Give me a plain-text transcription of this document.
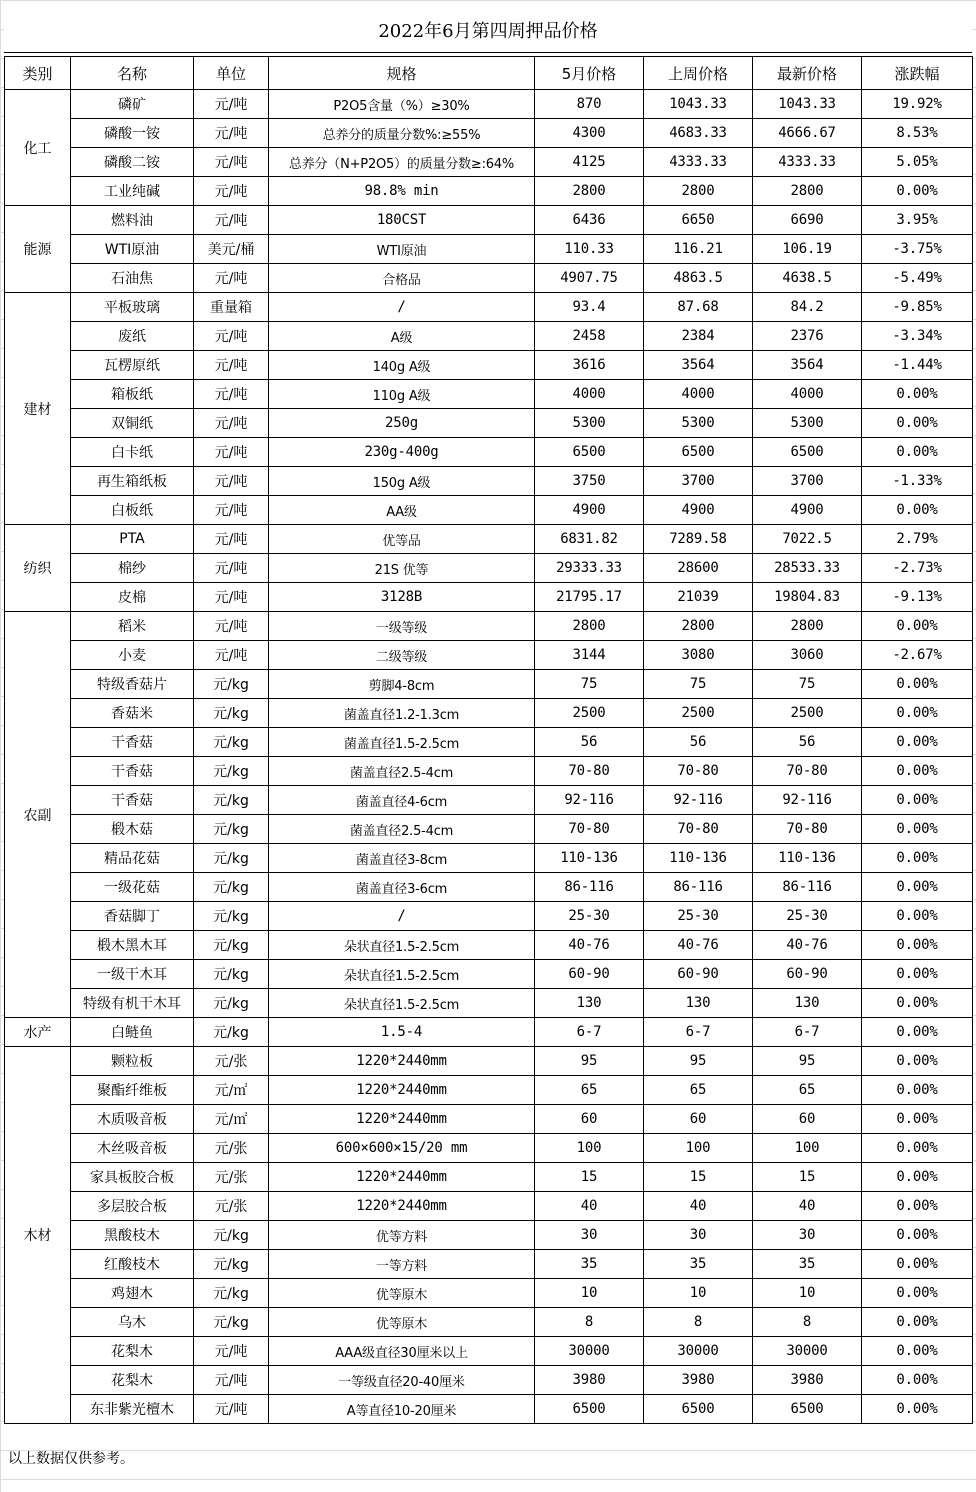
2022年6月第四周押品价格
类别	名称	单位	规格	5月价格	上周价格	最新价格	涨跌幅
化工	磷矿	元/吨	P2O5含量（%）≥30%	870	1043.33	1043.33	19.92%
	磷酸一铵	元/吨	总养分的质量分数%:≥55%	4300	4683.33	4666.67	8.53%
	磷酸二铵	元/吨	总养分（N+P2O5）的质量分数≥:64%	4125	4333.33	4333.33	5.05%
	工业纯碱	元/吨	98.8% min	2800	2800	2800	0.00%
能源	燃料油	元/吨	180CST	6436	6650	6690	3.95%
	WTI原油	美元/桶	WTI原油	110.33	116.21	106.19	-3.75%
	石油焦	元/吨	合格品	4907.75	4863.5	4638.5	-5.49%
建材	平板玻璃	重量箱	/	93.4	87.68	84.2	-9.85%
	废纸	元/吨	A级	2458	2384	2376	-3.34%
	瓦楞原纸	元/吨	140g A级	3616	3564	3564	-1.44%
	箱板纸	元/吨	110g A级	4000	4000	4000	0.00%
	双铜纸	元/吨	250g	5300	5300	5300	0.00%
	白卡纸	元/吨	230g-400g	6500	6500	6500	0.00%
	再生箱纸板	元/吨	150g A级	3750	3700	3700	-1.33%
	白板纸	元/吨	AA级	4900	4900	4900	0.00%
纺织	PTA	元/吨	优等品	6831.82	7289.58	7022.5	2.79%
	棉纱	元/吨	21S 优等	29333.33	28600	28533.33	-2.73%
	皮棉	元/吨	3128B	21795.17	21039	19804.83	-9.13%
农副	稻米	元/吨	一级等级	2800	2800	2800	0.00%
	小麦	元/吨	二级等级	3144	3080	3060	-2.67%
	特级香菇片	元/kg	剪脚4-8cm	75	75	75	0.00%
	香菇米	元/kg	菌盖直径1.2-1.3cm	2500	2500	2500	0.00%
	干香菇	元/kg	菌盖直径1.5-2.5cm	56	56	56	0.00%
	干香菇	元/kg	菌盖直径2.5-4cm	70-80	70-80	70-80	0.00%
	干香菇	元/kg	菌盖直径4-6cm	92-116	92-116	92-116	0.00%
	椴木菇	元/kg	菌盖直径2.5-4cm	70-80	70-80	70-80	0.00%
	精品花菇	元/kg	菌盖直径3-8cm	110-136	110-136	110-136	0.00%
	一级花菇	元/kg	菌盖直径3-6cm	86-116	86-116	86-116	0.00%
	香菇脚丁	元/kg	/	25-30	25-30	25-30	0.00%
	椴木黑木耳	元/kg	朵状直径1.5-2.5cm	40-76	40-76	40-76	0.00%
	一级干木耳	元/kg	朵状直径1.5-2.5cm	60-90	60-90	60-90	0.00%
	特级有机干木耳	元/kg	朵状直径1.5-2.5cm	130	130	130	0.00%
水产	白鲢鱼	元/kg	1.5-4	6-7	6-7	6-7	0.00%
木材	颗粒板	元/张	1220*2440mm	95	95	95	0.00%
	聚酯纤维板	元/㎡	1220*2440mm	65	65	65	0.00%
	木质吸音板	元/㎡	1220*2440mm	60	60	60	0.00%
	木丝吸音板	元/张	600×600×15/20 mm	100	100	100	0.00%
	家具板胶合板	元/张	1220*2440mm	15	15	15	0.00%
	多层胶合板	元/张	1220*2440mm	40	40	40	0.00%
	黑酸枝木	元/kg	优等方料	30	30	30	0.00%
	红酸枝木	元/kg	一等方料	35	35	35	0.00%
	鸡翅木	元/kg	优等原木	10	10	10	0.00%
	乌木	元/kg	优等原木	8	8	8	0.00%
	花梨木	元/吨	AAA级直径30厘米以上	30000	30000	30000	0.00%
	花梨木	元/吨	一等级直径20-40厘米	3980	3980	3980	0.00%
	东非紫光檀木	元/吨	A等直径10-20厘米	6500	6500	6500	0.00%
以上数据仅供参考。
